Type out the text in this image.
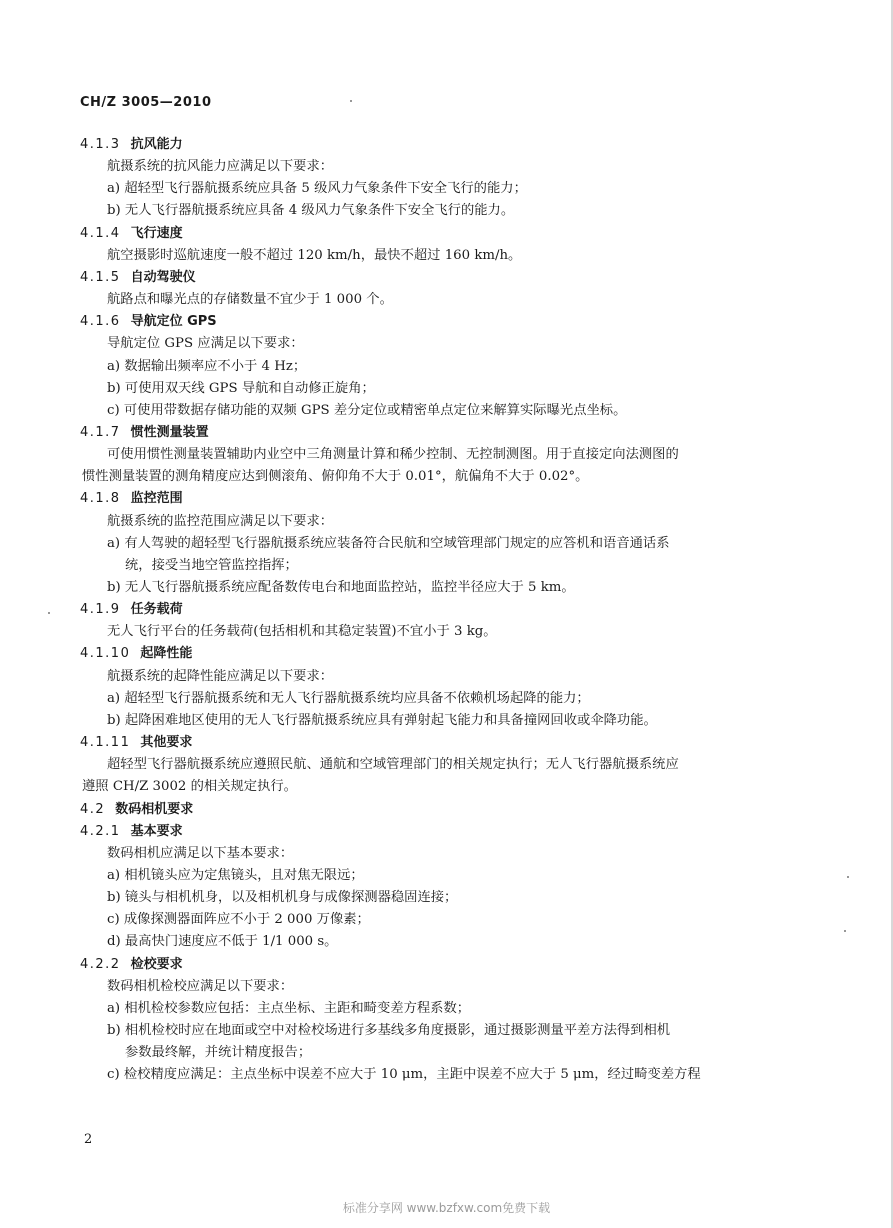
CH/Z 3005—2010
4.1.3 抗风能力
航摄系统的抗风能力应满足以下要求：
a) 超轻型飞行器航摄系统应具备 5 级风力气象条件下安全飞行的能力；
b) 无人飞行器航摄系统应具备 4 级风力气象条件下安全飞行的能力。
4.1.4 飞行速度
航空摄影时巡航速度一般不超过 120 km/h，最快不超过 160 km/h。
4.1.5 自动驾驶仪
航路点和曝光点的存储数量不宜少于 1 000 个。
4.1.6 导航定位 GPS
导航定位 GPS 应满足以下要求：
a) 数据输出频率应不小于 4 Hz；
b) 可使用双天线 GPS 导航和自动修正旋角；
c) 可使用带数据存储功能的双频 GPS 差分定位或精密单点定位来解算实际曝光点坐标。
4.1.7 惯性测量装置
可使用惯性测量装置辅助内业空中三角测量计算和稀少控制、无控制测图。用于直接定向法测图的
惯性测量装置的测角精度应达到侧滚角、俯仰角不大于 0.01°，航偏角不大于 0.02°。
4.1.8 监控范围
航摄系统的监控范围应满足以下要求：
a) 有人驾驶的超轻型飞行器航摄系统应装备符合民航和空域管理部门规定的应答机和语音通话系
统，接受当地空管监控指挥；
b) 无人飞行器航摄系统应配备数传电台和地面监控站，监控半径应大于 5 km。
4.1.9 任务载荷
无人飞行平台的任务载荷(包括相机和其稳定装置)不宜小于 3 kg。
4.1.10 起降性能
航摄系统的起降性能应满足以下要求：
a) 超轻型飞行器航摄系统和无人飞行器航摄系统均应具备不依赖机场起降的能力；
b) 起降困难地区使用的无人飞行器航摄系统应具有弹射起飞能力和具备撞网回收或伞降功能。
4.1.11 其他要求
超轻型飞行器航摄系统应遵照民航、通航和空域管理部门的相关规定执行；无人飞行器航摄系统应
遵照 CH/Z 3002 的相关规定执行。
4.2 数码相机要求
4.2.1 基本要求
数码相机应满足以下基本要求：
a) 相机镜头应为定焦镜头，且对焦无限远；
b) 镜头与相机机身，以及相机机身与成像探测器稳固连接；
c) 成像探测器面阵应不小于 2 000 万像素；
d) 最高快门速度应不低于 1/1 000 s。
4.2.2 检校要求
数码相机检校应满足以下要求：
a) 相机检校参数应包括：主点坐标、主距和畸变差方程系数；
b) 相机检校时应在地面或空中对检校场进行多基线多角度摄影，通过摄影测量平差方法得到相机
参数最终解，并统计精度报告；
c) 检校精度应满足：主点坐标中误差不应大于 10 μm，主距中误差不应大于 5 μm，经过畸变差方程
2
标准分享网 www.bzfxw.com免费下载
